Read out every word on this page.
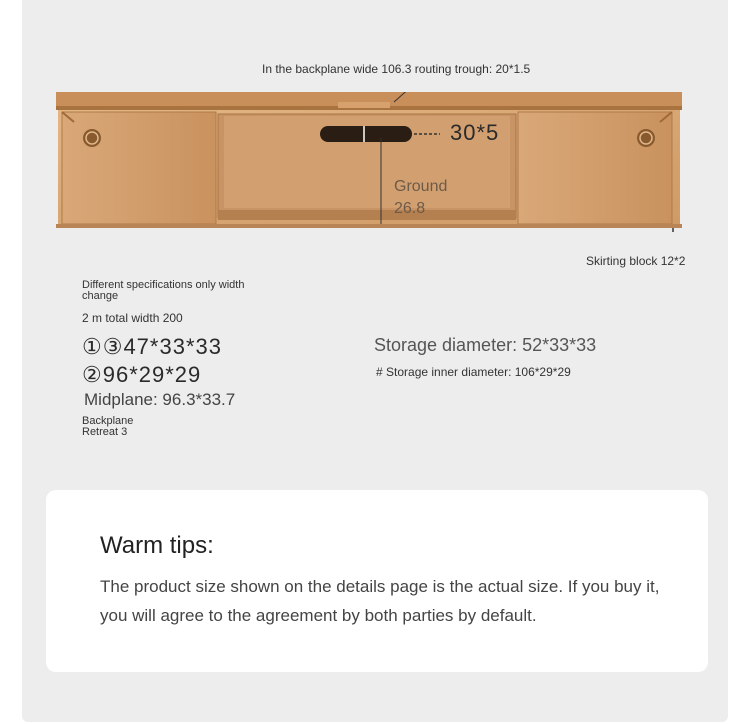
In the backplane wide 106.3 routing trough: 20*1.5
30*5
Ground
26.8
Skirting block 12*2
Different specifications only width change
2 m total width 200
①③47*33*33
②96*29*29
Midplane: 96.3*33.7
Backplane
Retreat 3
Storage diameter: 52*33*33
# Storage inner diameter: 106*29*29
Warm tips:
The product size shown on the details page is the actual size. If you buy it, you will agree to the agreement by both parties by default.
